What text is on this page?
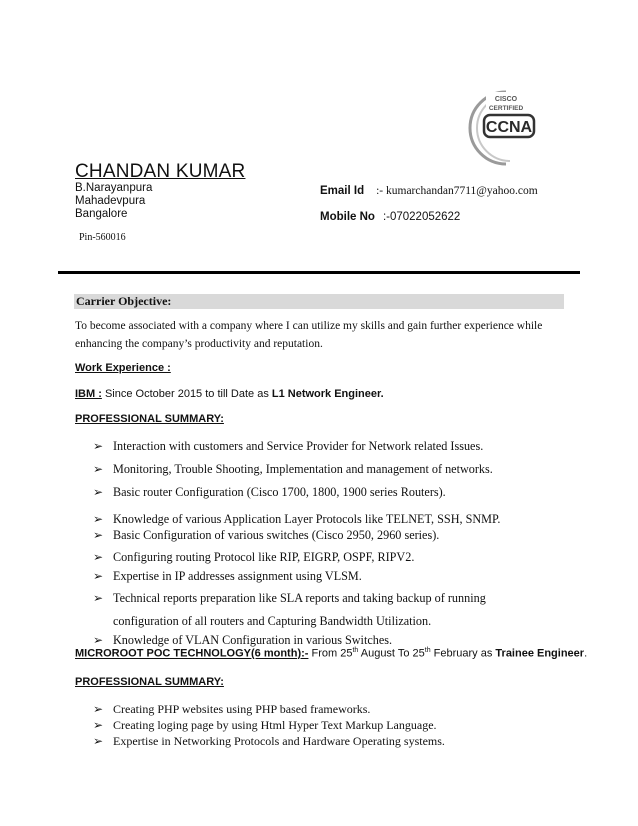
CISCO
CERTIFIED
CCNA
CHANDAN KUMAR
B.Narayanpura
Mahadevpura
Bangalore
Pin-560016
Email Id :- kumarchandan7711@yahoo.com
Mobile No :-07022052622
Carrier Objective:
To become associated with a company where I can utilize my skills and gain further experience while
enhancing the company’s productivity and reputation.
Work Experience :
IBM : Since October 2015 to till Date as L1 Network Engineer.
PROFESSIONAL SUMMARY:
➢ Interaction with customers and Service Provider for Network related Issues.
➢ Monitoring, Trouble Shooting, Implementation and management of networks.
➢ Basic router Configuration (Cisco 1700, 1800, 1900 series Routers).
➢ Knowledge of various Application Layer Protocols like TELNET, SSH, SNMP.
➢ Basic Configuration of various switches (Cisco 2950, 2960 series).
➢ Configuring routing Protocol like RIP, EIGRP, OSPF, RIPV2.
➢ Expertise in IP addresses assignment using VLSM.
➢ Technical reports preparation like SLA reports and taking backup of running
configuration of all routers and Capturing Bandwidth Utilization.
➢ Knowledge of VLAN Configuration in various Switches.
MICROROOT POC TECHNOLOGY(6 month):- From 25th August To 25th February as Trainee Engineer.
PROFESSIONAL SUMMARY:
➢ Creating PHP websites using PHP based frameworks.
➢ Creating loging page by using Html Hyper Text Markup Language.
➢ Expertise in Networking Protocols and Hardware Operating systems.
